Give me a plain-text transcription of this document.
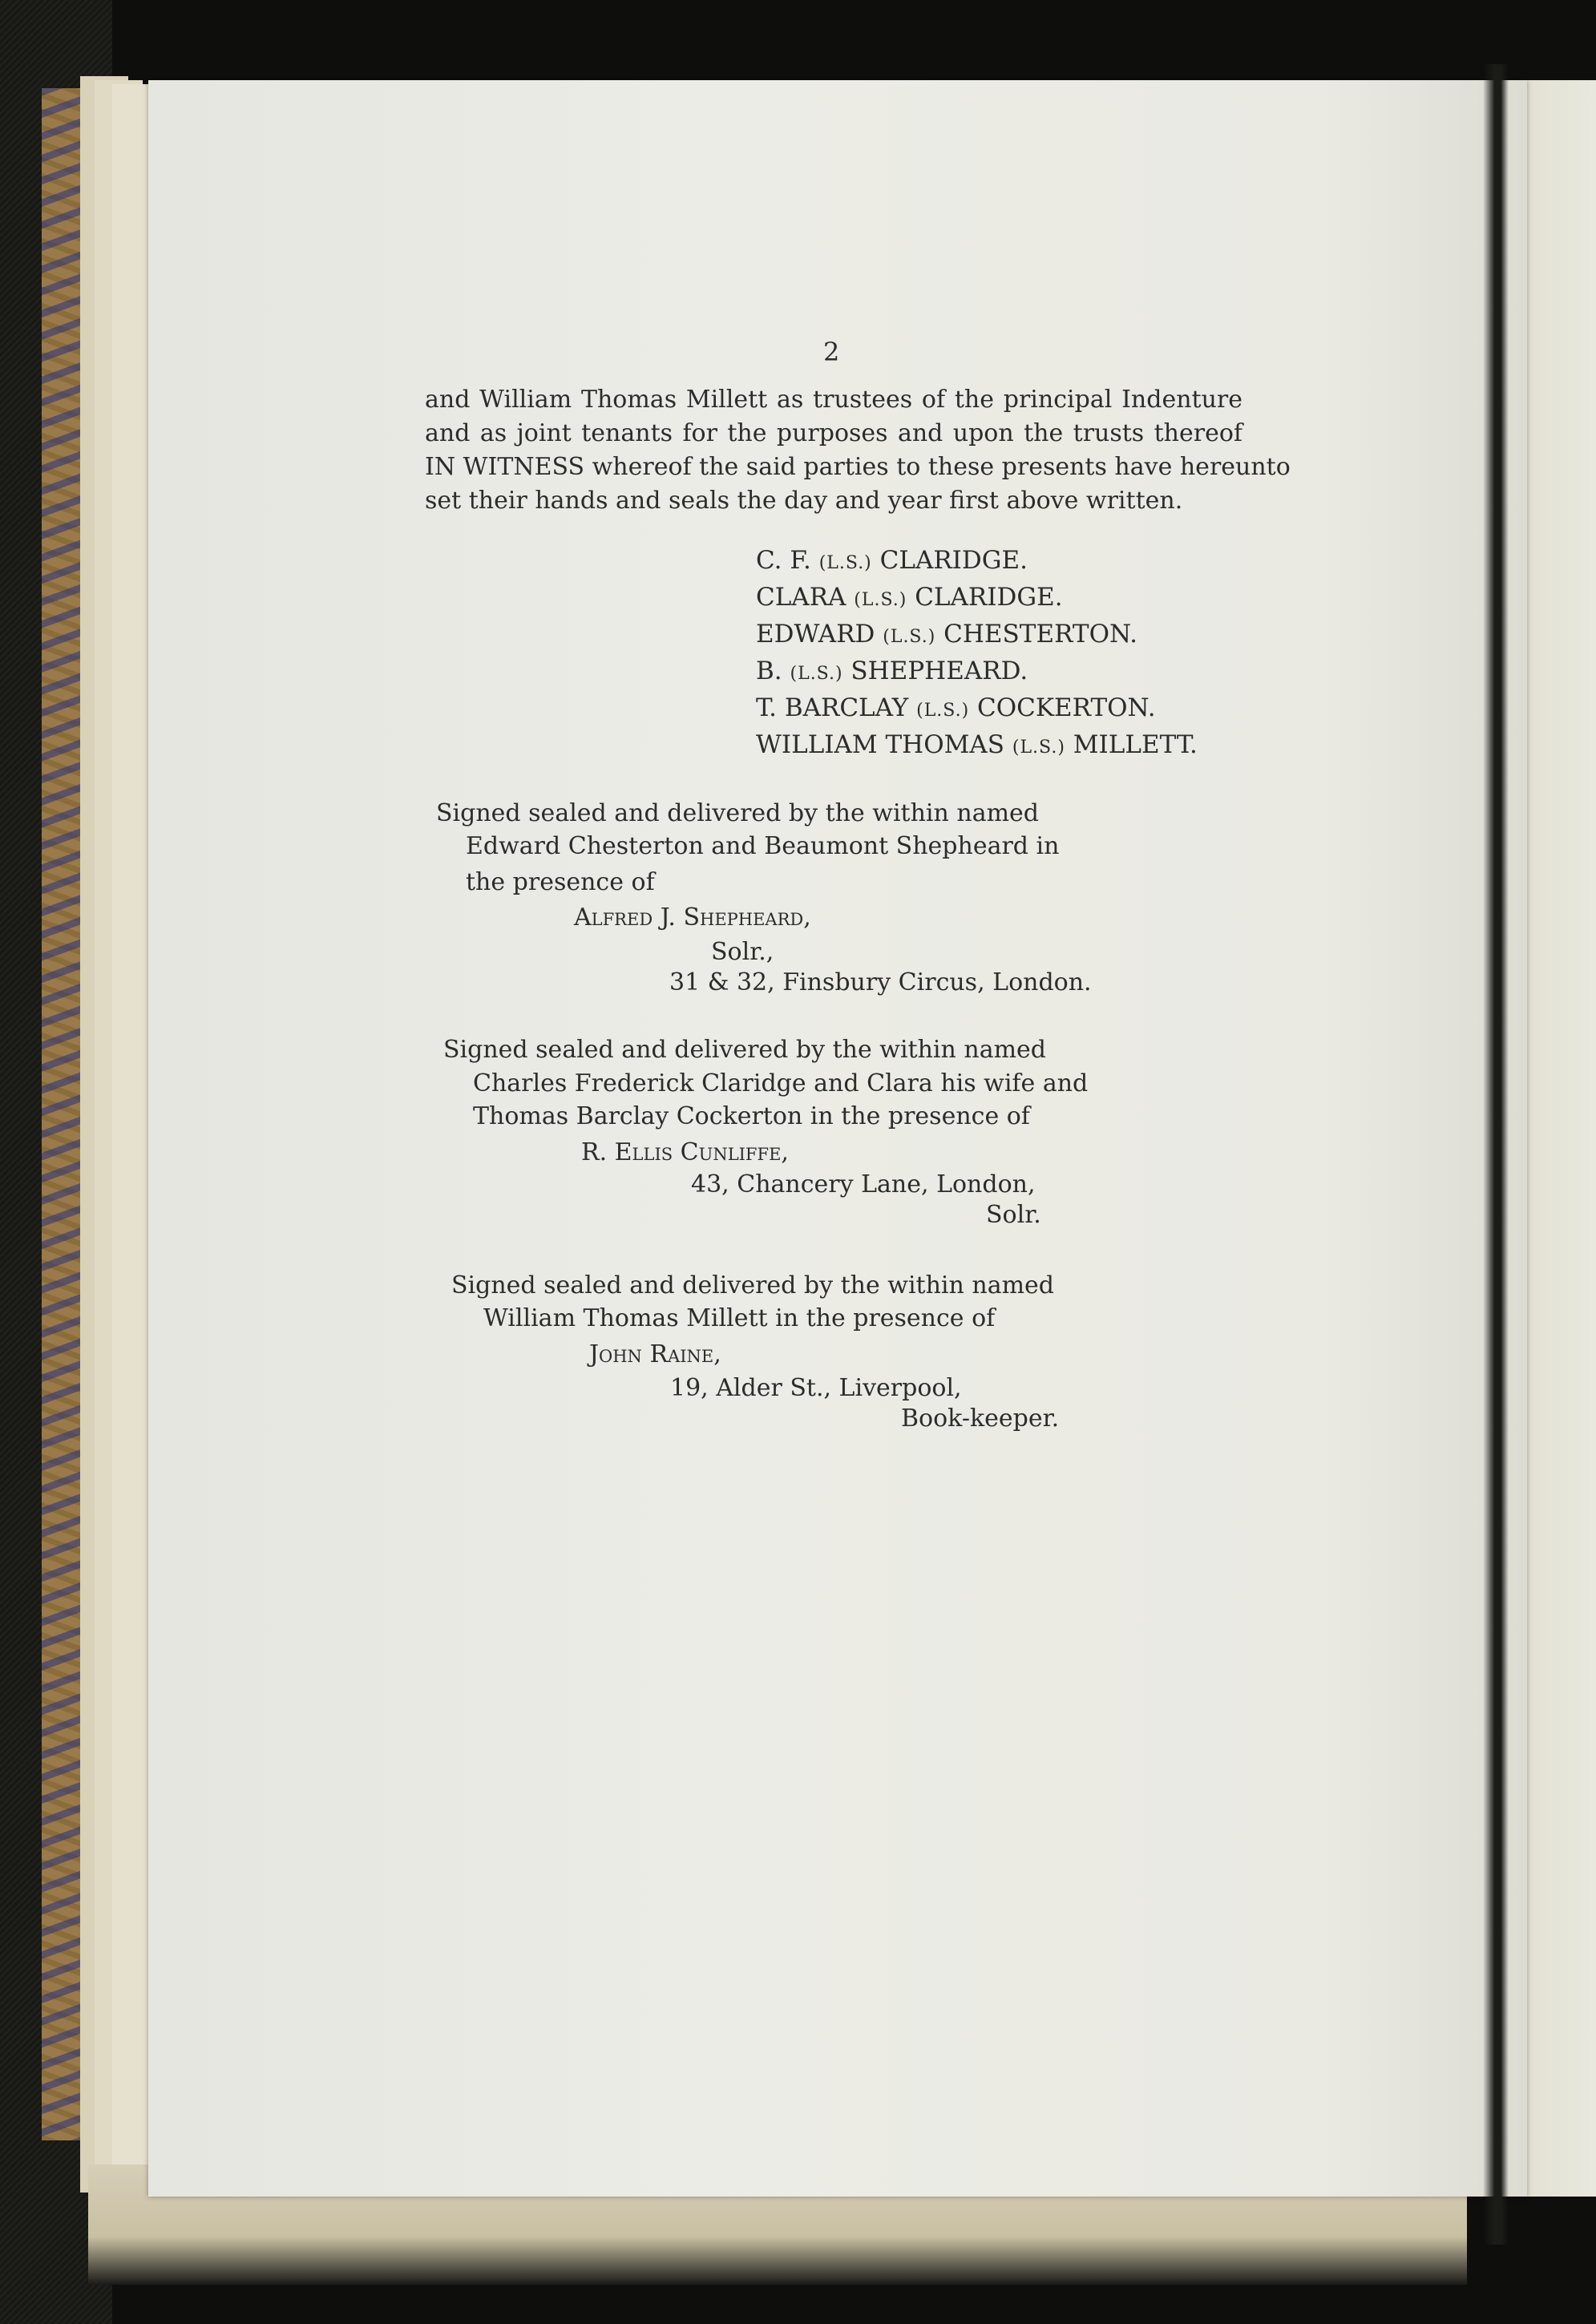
2
and William Thomas Millett as trustees of the principal Indenture
and as joint tenants for the purposes and upon the trusts thereof
IN WITNESS whereof the said parties to these presents have hereunto
set their hands and seals the day and year first above written.
C. F. (L.S.) CLARIDGE.
CLARA (L.S.) CLARIDGE.
EDWARD (L.S.) CHESTERTON.
B. (L.S.) SHEPHEARD.
T. BARCLAY (L.S.) COCKERTON.
WILLIAM THOMAS (L.S.) MILLETT.
Signed sealed and delivered by the within named
Edward Chesterton and Beaumont Shepheard in
the presence of
Alfred J. Shepheard,
Solr.,
31 & 32, Finsbury Circus, London.
Signed sealed and delivered by the within named
Charles Frederick Claridge and Clara his wife and
Thomas Barclay Cockerton in the presence of
R. Ellis Cunliffe,
43, Chancery Lane, London,
Solr.
Signed sealed and delivered by the within named
William Thomas Millett in the presence of
John Raine,
19, Alder St., Liverpool,
Book-keeper.
